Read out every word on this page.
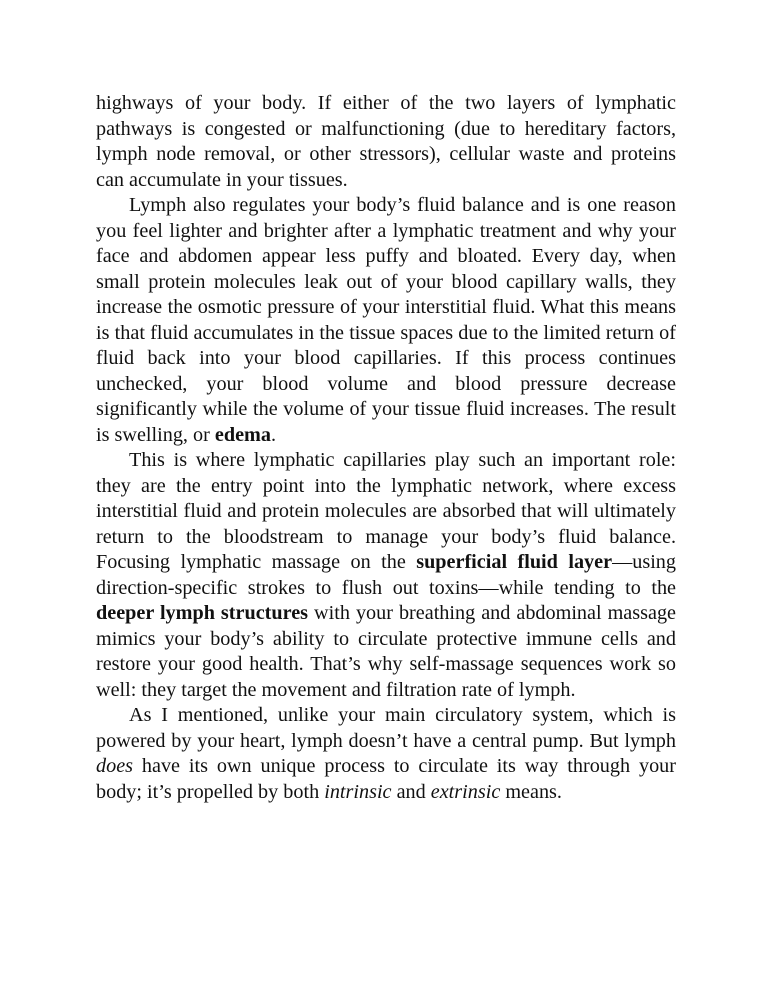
highways of your body. If either of the two layers of lymphatic pathways is congested or malfunctioning (due to hereditary factors, lymph node removal, or other stressors), cellular waste and proteins can accumulate in your tissues.

Lymph also regulates your body’s fluid balance and is one reason you feel lighter and brighter after a lymphatic treatment and why your face and abdomen appear less puffy and bloated. Every day, when small protein molecules leak out of your blood capillary walls, they increase the osmotic pressure of your interstitial fluid. What this means is that fluid accumulates in the tissue spaces due to the limited return of fluid back into your blood capillaries. If this process continues unchecked, your blood volume and blood pressure decrease significantly while the volume of your tissue fluid increases. The result is swelling, or edema.

This is where lymphatic capillaries play such an important role: they are the entry point into the lymphatic network, where excess interstitial fluid and protein molecules are absorbed that will ultimately return to the bloodstream to manage your body’s fluid balance. Focusing lymphatic massage on the superficial fluid layer—using direction-specific strokes to flush out toxins—while tending to the deeper lymph structures with your breathing and abdominal massage mimics your body’s ability to circulate protective immune cells and restore your good health. That’s why self-massage sequences work so well: they target the movement and filtration rate of lymph.

As I mentioned, unlike your main circulatory system, which is powered by your heart, lymph doesn’t have a central pump. But lymph does have its own unique process to circulate its way through your body; it’s propelled by both intrinsic and extrinsic means.
